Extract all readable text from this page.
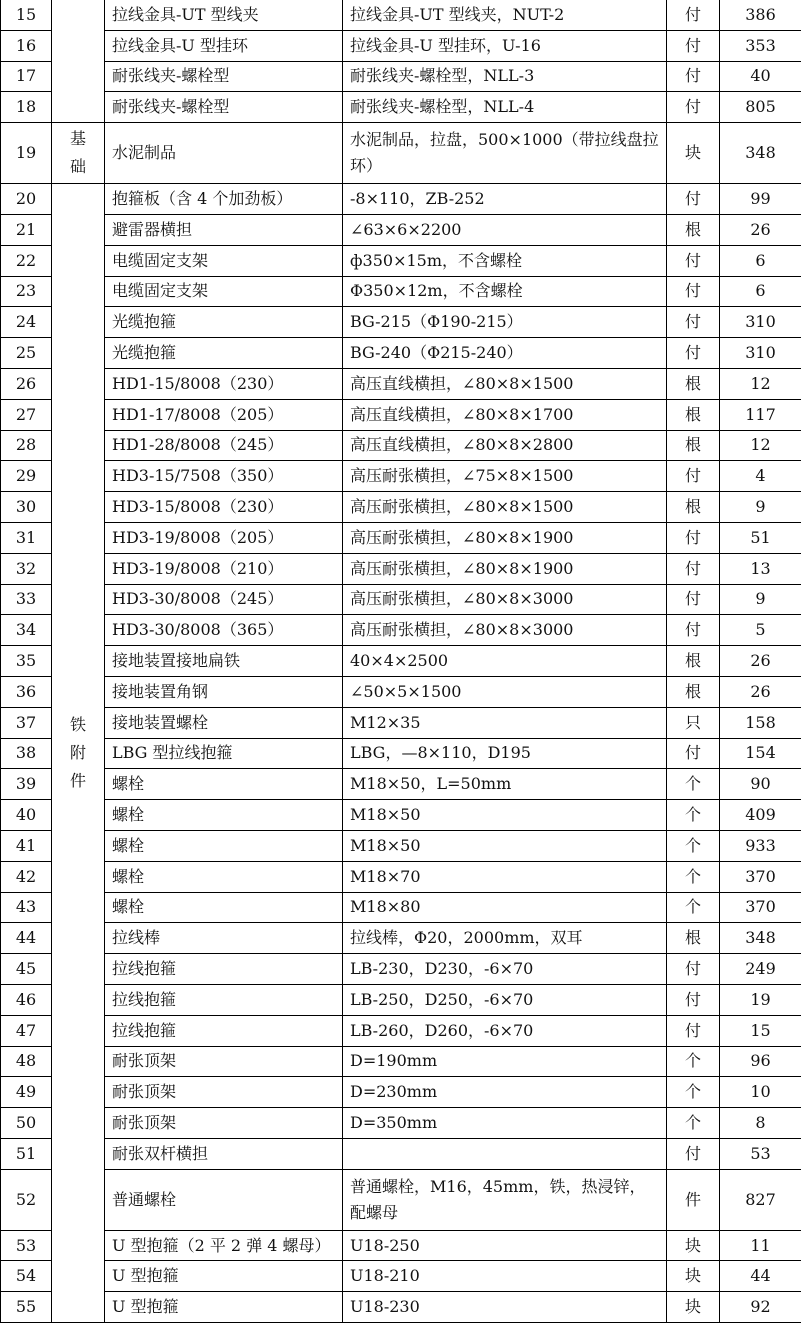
15		拉线金具-UT 型线夹	拉线金具-UT 型线夹，NUT-2	付	386
16		拉线金具-U 型挂环	拉线金具-U 型挂环，U-16	付	353
17		耐张线夹-螺栓型	耐张线夹-螺栓型，NLL-3	付	40
18		耐张线夹-螺栓型	耐张线夹-螺栓型，NLL-4	付	805
19	基础	水泥制品	水泥制品，拉盘，500×1000（带拉线盘拉环）	块	348
20	铁附件	抱箍板（含 4 个加劲板）	-8×110，ZB-252	付	99
21		避雷器横担	∠63×6×2200	根	26
22		电缆固定支架	ф350×15m，不含螺栓	付	6
23		电缆固定支架	Φ350×12m，不含螺栓	付	6
24		光缆抱箍	BG-215（Φ190-215）	付	310
25		光缆抱箍	BG-240（Φ215-240）	付	310
26		HD1-15/8008（230）	高压直线横担，∠80×8×1500	根	12
27		HD1-17/8008（205）	高压直线横担，∠80×8×1700	根	117
28		HD1-28/8008（245）	高压直线横担，∠80×8×2800	根	12
29		HD3-15/7508（350）	高压耐张横担，∠75×8×1500	付	4
30		HD3-15/8008（230）	高压耐张横担，∠80×8×1500	根	9
31		HD3-19/8008（205）	高压耐张横担，∠80×8×1900	付	51
32		HD3-19/8008（210）	高压耐张横担，∠80×8×1900	付	13
33		HD3-30/8008（245）	高压耐张横担，∠80×8×3000	付	9
34		HD3-30/8008（365）	高压耐张横担，∠80×8×3000	付	5
35		接地装置接地扁铁	40×4×2500	根	26
36		接地装置角钢	∠50×5×1500	根	26
37		接地装置螺栓	M12×35	只	158
38		LBG 型拉线抱箍	LBG，—8×110，D195	付	154
39		螺栓	M18×50，L=50mm	个	90
40		螺栓	M18×50	个	409
41		螺栓	M18×50	个	933
42		螺栓	M18×70	个	370
43		螺栓	M18×80	个	370
44		拉线棒	拉线棒，Φ20，2000mm，双耳	根	348
45		拉线抱箍	LB-230，D230，-6×70	付	249
46		拉线抱箍	LB-250，D250，-6×70	付	19
47		拉线抱箍	LB-260，D260，-6×70	付	15
48		耐张顶架	D=190mm	个	96
49		耐张顶架	D=230mm	个	10
50		耐张顶架	D=350mm	个	8
51		耐张双杆横担		付	53
52		普通螺栓	普通螺栓，M16，45mm，铁，热浸锌，配螺母	件	827
53		U 型抱箍（2 平 2 弹 4 螺母）	U18-250	块	11
54		U 型抱箍	U18-210	块	44
55		U 型抱箍	U18-230	块	92
